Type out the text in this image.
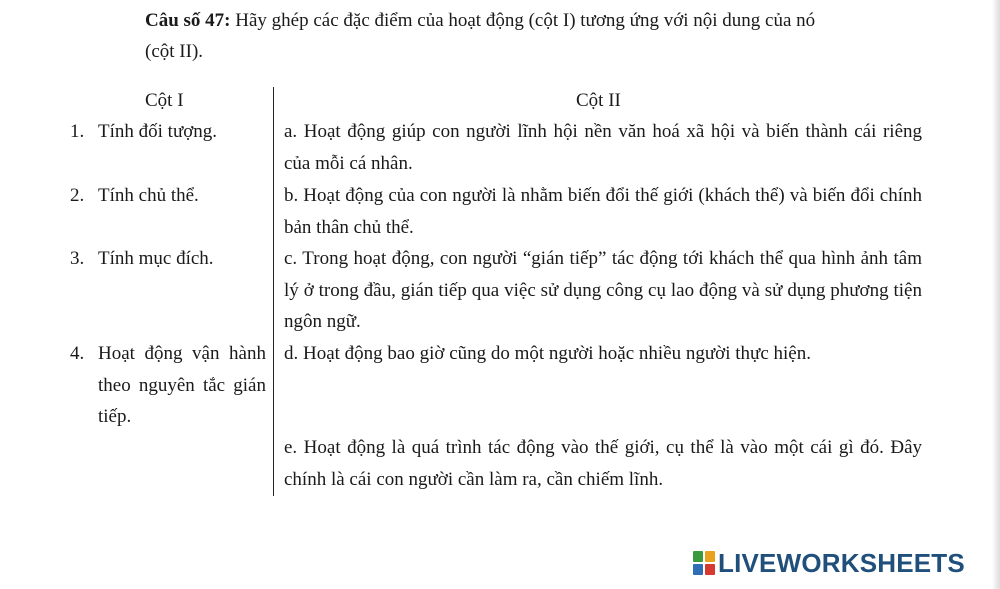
Câu số 47: Hãy ghép các đặc điểm của hoạt động (cột I) tương ứng với nội dung của nó (cột II).
Cột I	Cột II
1. Tính đối tượng.
2. Tính chủ thể.
3. Tính mục đích.
4. Hoạt động vận hành theo nguyên tắc gián tiếp.
a. Hoạt động giúp con người lĩnh hội nền văn hoá xã hội và biến thành cái riêng của mỗi cá nhân.
b. Hoạt động của con người là nhằm biến đổi thế giới (khách thể) và biến đổi chính bản thân chủ thể.
c. Trong hoạt động, con người “gián tiếp” tác động tới khách thể qua hình ảnh tâm lý ở trong đầu, gián tiếp qua việc sử dụng công cụ lao động và sử dụng phương tiện ngôn ngữ.
d. Hoạt động bao giờ cũng do một người hoặc nhiều người thực hiện.
e. Hoạt động là quá trình tác động vào thế giới, cụ thể là vào một cái gì đó. Đây chính là cái con người cần làm ra, cần chiếm lĩnh.
LIVEWORKSHEETS
